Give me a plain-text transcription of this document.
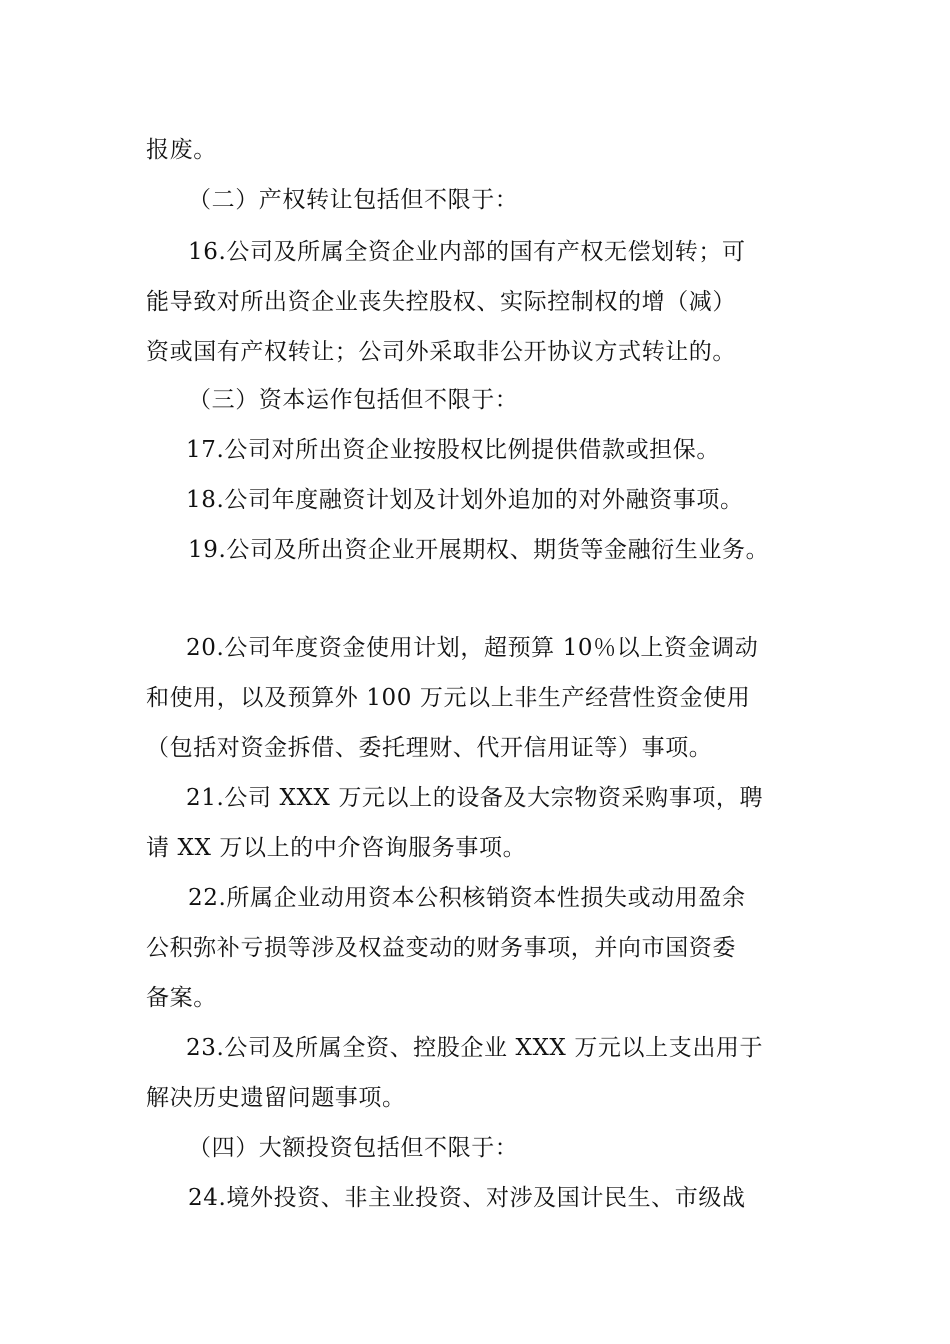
报废。
（二）产权转让包括但不限于：
16.公司及所属全资企业内部的国有产权无偿划转；可
能导致对所出资企业丧失控股权、实际控制权的增（减）
资或国有产权转让；公司外采取非公开协议方式转让的。
（三）资本运作包括但不限于：
17.公司对所出资企业按股权比例提供借款或担保。
18.公司年度融资计划及计划外追加的对外融资事项。
19.公司及所出资企业开展期权、期货等金融衍生业务。
20.公司年度资金使用计划，超预算 10％以上资金调动
和使用，以及预算外 100 万元以上非生产经营性资金使用
（包括对资金拆借、委托理财、代开信用证等）事项。
21.公司 XXX 万元以上的设备及大宗物资采购事项，聘
请 XX 万以上的中介咨询服务事项。
22.所属企业动用资本公积核销资本性损失或动用盈余
公积弥补亏损等涉及权益变动的财务事项，并向市国资委
备案。
23.公司及所属全资、控股企业 XXX 万元以上支出用于
解决历史遗留问题事项。
（四）大额投资包括但不限于：
24.境外投资、非主业投资、对涉及国计民生、市级战
